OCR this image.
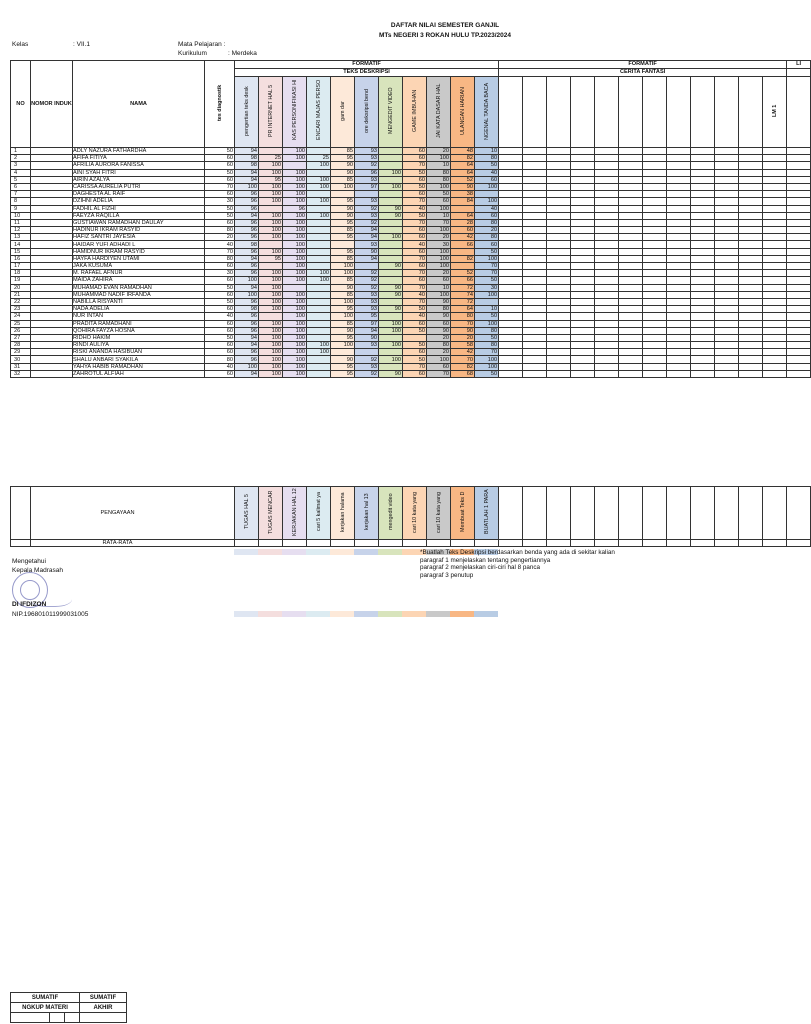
DAFTAR NILAI SEMESTER GANJIL
MTs NEGERI 3 ROKAN HULU TP.2023/2024
Kelas	: VII.1	Mata Pelajaran :
Kurikulum	: Merdeka
NO	NOMOR INDUK	NAMA	tes diagnostik	FORMATIF											FORMATIF												LI
				TEKS DESKRIPSI											CERITA FANTASI												
				pengertian teks desk	PR INTERNET HAL 5	KAS PERSONIFIKASI HI	ENCARI MAJAS PERSO	gam dar	ore deksripsi bend	MENGEDIT VIDEO	GAME IMBUHAN	JAI KATA DASAR HAL	ULANGAN HARIAN	NGENAL TANDA BACA												LM 1	
1		ADLY NAZURA FATHARDHA	50	94		100		85	93		60	20	48	10													
2		AFIFA FITIYA	60	98	25	100	25	95	93		60	100	82	80													
3		AFRILIA AURORA FANISSA	60	98	100		100	90	92		70	10	64	50													
4		AINI SYAH FITRI	50	94	100	100		90	96	100	50	80	64	40													
5		AIRIN AZALYA	60	94	95	100	100	85	93		60	80	52	60													
6		CARISSA AURELIA PUTRI	70	100	100	100	100	100	97	100	50	100	90	100													
7		DAGHESTA AL RAIF	60	96	100	100					60	50	38														
8		DZIHNI ADELIA	30	96	100	100	100	95	93		70	60	84	100													
9		FADHIL AL FIZHI	50	96		96		90	92	90	40	100		40													
10		FAEYZA RAQILLA	50	94	100	100	100	90	93	90	50	10	64	60													
11		GUSTIAWAN RAMADHAN DAULAY	60	96	100	100		95	92		70	70	28	80													
12		HADINUR IKRAM RASYID	80	96	100	100		85	94		60	100	60	20													
13		HAFIZ SANTRI JAYESIA	20	96	100	100		95	94	100	60	20	42	80													
14		HAIDAR YUFI ADHADI L	40	98		100			93		40	30	66	60													
15		HAMIDNUR IKRAM RASYID	70	96	100	100		95	90		60	100		50													
16		HAYFA HARDIYEN UTAMI	80	94	95	100		85	94		70	100	82	100													
17		JAKA KUSUMA	60	96		100		100		90	60	100		70													
18		M. RAFAEL AFNUR	30	96	100	100	100	100	92		70	20	52	70													
19		MAIDA ZAHIRA	60	100	100	100	100	85	92		60	60	66	50													
20		MUHAMAD EVAN RAMADHAN	50	94	100			90	92	90	70	10	72	30													
21		MUHAMMAD NADIF IRFANDA	60	100	100	100		85	93	90	40	100	74	100													
22		NABILLA RISYANTI	50	96	100	100		100	93		70	90	72														
23		NADA ADELIA	60	98	100	100		95	93	90	50	80	64	10													
24		NUR INTAN	40	96		100		100	95		40	90	80	50													
25		PRADITA RAMADHANI	60	96	100	100		85	97	100	60	60	70	100													
26		QOHIRA FAYZA HOSNA	60	96	100	100		90	94	100	50	90	90	80													
27		RIDHO HAKIM	50	94	100	100		95	90			20	20	50													
28		RINDI AULIYA	60	94	100	100	100	100	93	100	50	80	58	80													
29		RISKI ANANDA HASIBUAN	60	96	100	100	100				60	20	42	70													
30		SHALU ANBARI SYAKILA	80	96	100	100		90	92	100	50	100	70	100													
31		YAHYA HABIB RAMADHAN	40	100	100	100		95	93		70	60	82	100													
32		ZAHROTUL ALFIAH	60	94	100	100		95	92	90	60	70	68	50													
	PENGAYAAN	TUGAS HAL 5	TUGAS MENCAR	KERJAKAN HAL 12	cari 5 kalimat ya	kerjakan halama	kerjakan hal 13	mengedit video	cari 10 kata yang	cari 10 kata yang	Membuat Teks D	BUATLAH 1 PARA													
	RATA-RATA																								
*Buatlah Teks Deskripsi berdasarkan benda yang ada di sekitar kalian
paragraf 1 menjelaskan tentang pengertiannya
paragraf 2 menjelaskan ciri-ciri hal 8 panca
paragraf 3 penutup
Mengetahui
Kepala Madrasah
DI IFDIZON
NIP.196801011999031005
SUMATIF			SUMATIF
NGKUP MATERI			AKHIR
